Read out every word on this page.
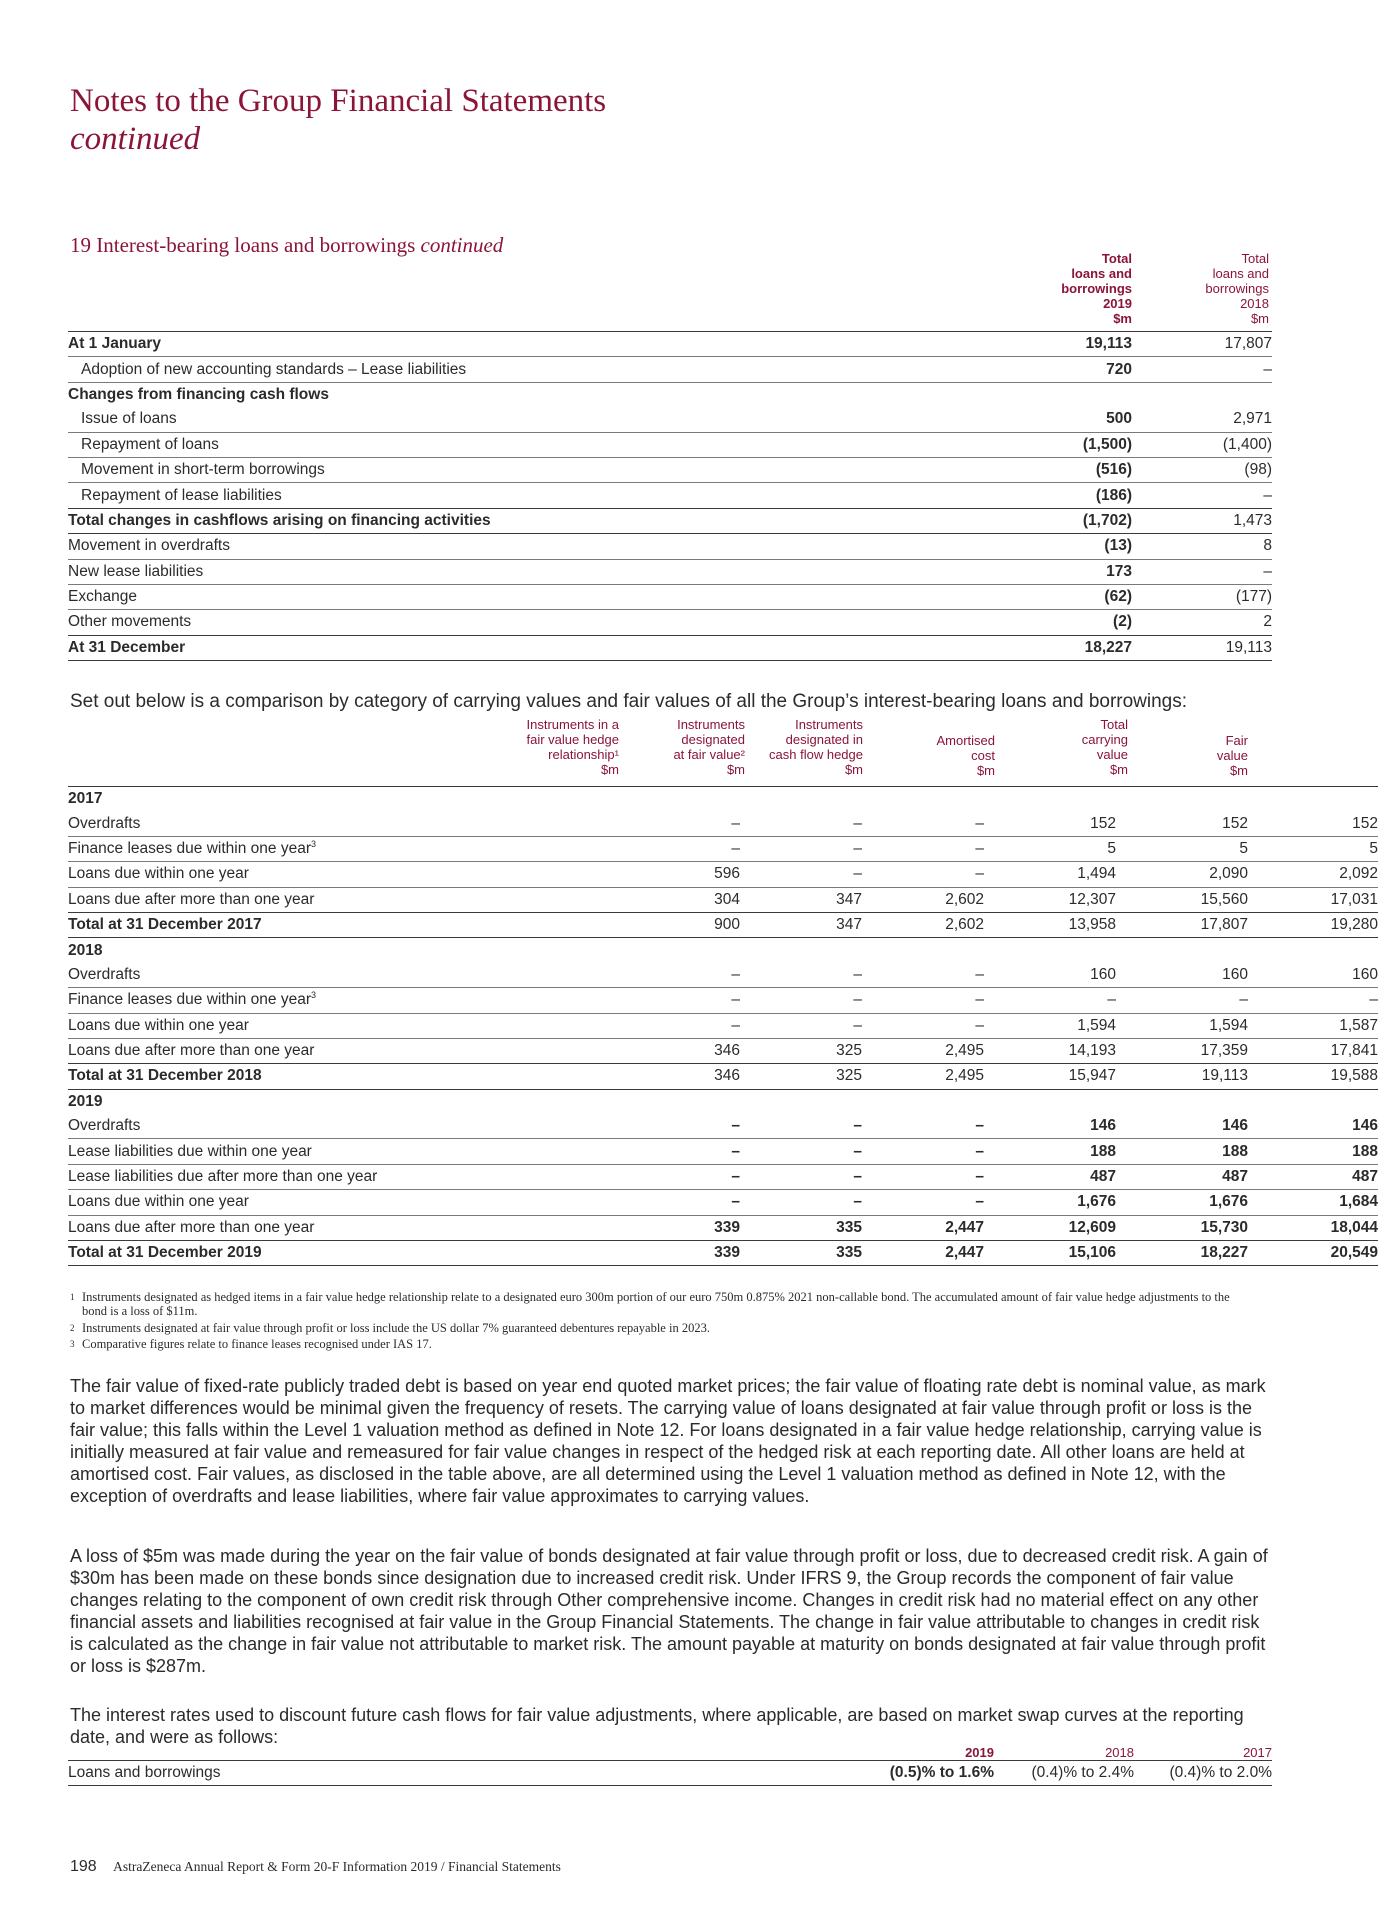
Notes to the Group Financial Statements
continued
19 Interest-bearing loans and borrowings continued
Total
loans and
borrowings
2019
$m
Total
loans and
borrowings
2018
$m
At 1 January	19,113	17,807
Adoption of new accounting standards – Lease liabilities	720	–
Changes from financing cash flows		
Issue of loans	500	2,971
Repayment of loans	(1,500)	(1,400)
Movement in short-term borrowings	(516)	(98)
Repayment of lease liabilities	(186)	–
Total changes in cashflows arising on financing activities	(1,702)	1,473
Movement in overdrafts	(13)	8
New lease liabilities	173	–
Exchange	(62)	(177)
Other movements	(2)	2
At 31 December	18,227	19,113
Set out below is a comparison by category of carrying values and fair values of all the Group’s interest-bearing loans and borrowings:
Instruments in a
fair value hedge
relationship¹
$m
Instruments
designated
at fair value²
$m
Instruments
designated in
cash flow hedge
$m
Amortised
cost
$m
Total
carrying
value
$m
Fair
value
$m
2017						
Overdrafts	–	–	–	152	152	152
Finance leases due within one year$^3$	–	–	–	5	5	5
Loans due within one year	596	–	–	1,494	2,090	2,092
Loans due after more than one year	304	347	2,602	12,307	15,560	17,031
Total at 31 December 2017	900	347	2,602	13,958	17,807	19,280
2018						
Overdrafts	–	–	–	160	160	160
Finance leases due within one year$^3$	–	–	–	–	–	–
Loans due within one year	–	–	–	1,594	1,594	1,587
Loans due after more than one year	346	325	2,495	14,193	17,359	17,841
Total at 31 December 2018	346	325	2,495	15,947	19,113	19,588
2019						
Overdrafts	–	–	–	146	146	146
Lease liabilities due within one year	–	–	–	188	188	188
Lease liabilities due after more than one year	–	–	–	487	487	487
Loans due within one year	–	–	–	1,676	1,676	1,684
Loans due after more than one year	339	335	2,447	12,609	15,730	18,044
Total at 31 December 2019	339	335	2,447	15,106	18,227	20,549
1 Instruments designated as hedged items in a fair value hedge relationship relate to a designated euro 300m portion of our euro 750m 0.875% 2021 non-callable bond. The accumulated amount of fair value hedge adjustments to the bond is a loss of $11m.
2 Instruments designated at fair value through profit or loss include the US dollar 7% guaranteed debentures repayable in 2023.
3 Comparative figures relate to finance leases recognised under IAS 17.
The fair value of fixed-rate publicly traded debt is based on year end quoted market prices; the fair value of floating rate debt is nominal value, as mark to market differences would be minimal given the frequency of resets. The carrying value of loans designated at fair value through profit or loss is the fair value; this falls within the Level 1 valuation method as defined in Note 12. For loans designated in a fair value hedge relationship, carrying value is initially measured at fair value and remeasured for fair value changes in respect of the hedged risk at each reporting date. All other loans are held at amortised cost. Fair values, as disclosed in the table above, are all determined using the Level 1 valuation method as defined in Note 12, with the exception of overdrafts and lease liabilities, where fair value approximates to carrying values.
A loss of $5m was made during the year on the fair value of bonds designated at fair value through profit or loss, due to decreased credit risk. A gain of $30m has been made on these bonds since designation due to increased credit risk. Under IFRS 9, the Group records the component of fair value changes relating to the component of own credit risk through Other comprehensive income. Changes in credit risk had no material effect on any other financial assets and liabilities recognised at fair value in the Group Financial Statements. The change in fair value attributable to changes in credit risk is calculated as the change in fair value not attributable to market risk. The amount payable at maturity on bonds designated at fair value through profit or loss is $287m.
The interest rates used to discount future cash flows for fair value adjustments, where applicable, are based on market swap curves at the reporting date, and were as follows:
2019	2018	2017
Loans and borrowings	(0.5)% to 1.6%	(0.4)% to 2.4%	(0.4)% to 2.0%
198 AstraZeneca Annual Report & Form 20-F Information 2019 / Financial Statements
